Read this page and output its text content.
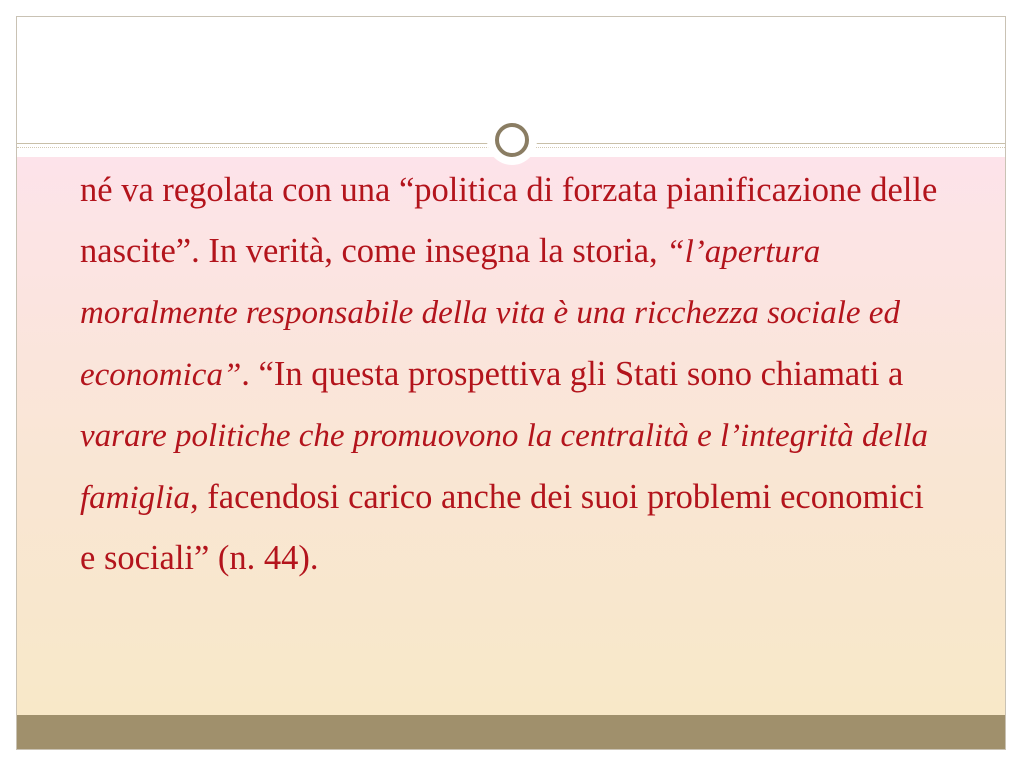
né va regolata con una “politica di forzata pianificazione delle nascite”. In verità, come insegna la storia, “l’apertura moralmente responsabile della vita è una ricchezza sociale ed economica”. “In questa prospettiva gli Stati sono chiamati a varare politiche che promuovono la centralità e l’integrità della famiglia, facendosi carico anche dei suoi problemi economici e sociali” (n. 44).
